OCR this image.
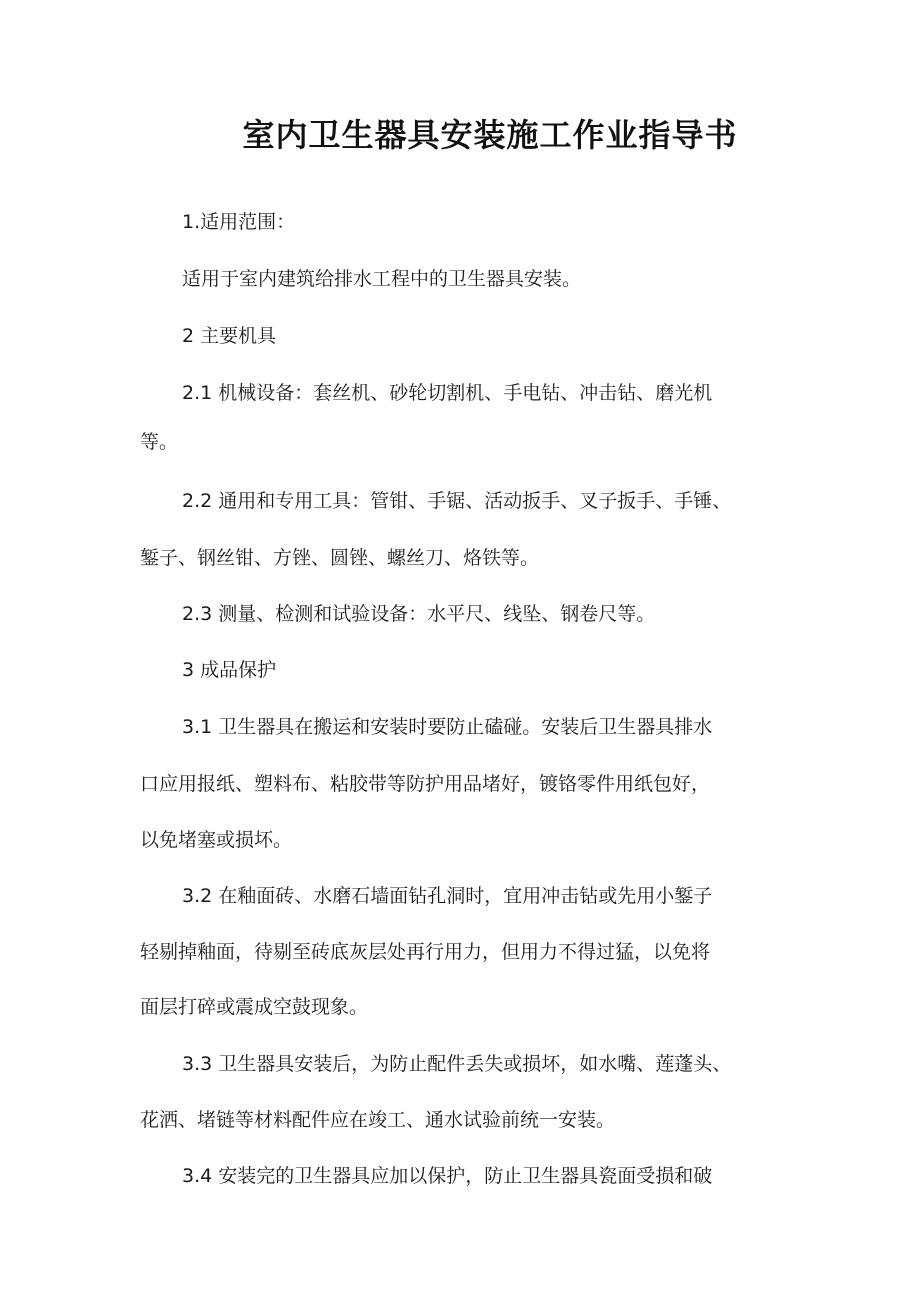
室内卫生器具安装施工作业指导书

1.适用范围：

适用于室内建筑给排水工程中的卫生器具安装。

2 主要机具

2.1 机械设备：套丝机、砂轮切割机、手电钻、冲击钻、磨光机

等。

2.2 通用和专用工具：管钳、手锯、活动扳手、叉子扳手、手锤、

錾子、钢丝钳、方锉、圆锉、螺丝刀、烙铁等。

2.3 测量、检测和试验设备：水平尺、线坠、钢卷尺等。

3 成品保护

3.1 卫生器具在搬运和安装时要防止磕碰。安装后卫生器具排水

口应用报纸、塑料布、粘胶带等防护用品堵好，镀铬零件用纸包好，

以免堵塞或损坏。

3.2 在釉面砖、水磨石墙面钻孔洞时，宜用冲击钻或先用小錾子

轻剔掉釉面，待剔至砖底灰层处再行用力，但用力不得过猛，以免将

面层打碎或震成空鼓现象。

3.3 卫生器具安装后，为防止配件丢失或损坏，如水嘴、莲蓬头、

花洒、堵链等材料配件应在竣工、通水试验前统一安装。

3.4 安装完的卫生器具应加以保护，防止卫生器具瓷面受损和破
